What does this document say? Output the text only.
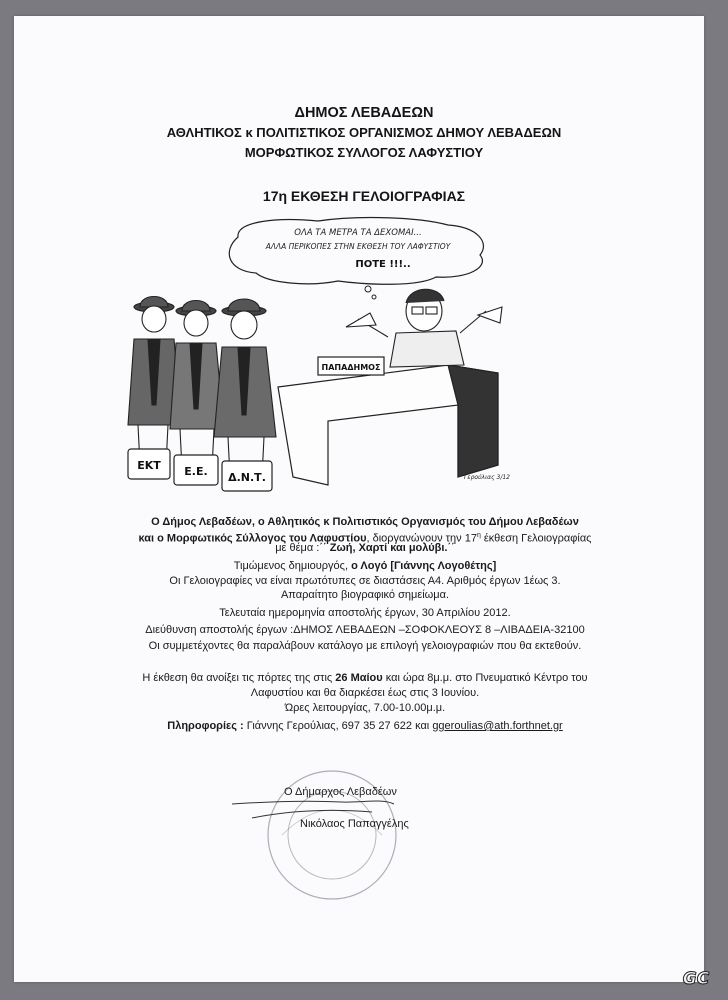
ΔΗΜΟΣ ΛΕΒΑΔΕΩΝ
ΑΘΛΗΤΙΚΟΣ κ ΠΟΛΙΤΙΣΤΙΚΟΣ ΟΡΓΑΝΙΣΜΟΣ ΔΗΜΟΥ ΛΕΒΑΔΕΩΝ
ΜΟΡΦΩΤΙΚΟΣ ΣΥΛΛΟΓΟΣ ΛΑΦΥΣΤΙΟΥ
17η ΕΚΘΕΣΗ ΓΕΛΟΙΟΓΡΑΦΙΑΣ
ΟΛΑ ΤΑ ΜΕΤΡΑ ΤΑ ΔΕΧΟΜΑΙ...
ΑΛΛΑ ΠΕΡΙΚΟΠΕΣ ΣΤΗΝ ΕΚΘΕΣΗ ΤΟΥ ΛΑΦΥΣΤΙΟΥ
ΠΟΤΕ !!!..
ΕΚΤ Ε.Ε. Δ.Ν.Τ.
ΠΑΠΑΔΗΜΟΣ
Γερούλιας 3/12
Ο Δήμος Λεβαδέων, ο Αθλητικός κ Πολιτιστικός Οργανισμός του Δήμου Λεβαδέων
και ο Μορφωτικός Σύλλογος του Λαφυστίου, διοργανώνουν την $17^\eta$ έκθεση Γελοιογραφίας
με θέμα :΄΄ Ζωή, Χαρτί και μολύβι.΄΄
Τιμώμενος δημιουργός, ο Λογό [Γιάννης Λογοθέτης]
Οι Γελοιογραφίες να είναι πρωτότυπες σε διαστάσεις Α4. Αριθμός έργων 1έως 3.
Απαραίτητο βιογραφικό σημείωμα.
Τελευταία ημερομηνία αποστολής έργων, 30 Απριλίου 2012.
Διεύθυνση αποστολής έργων :ΔΗΜΟΣ ΛΕΒΑΔΕΩΝ –ΣΟΦΟΚΛΕΟΥΣ 8 –ΛΙΒΑΔΕΙΑ-32100
Οι συμμετέχοντες θα παραλάβουν κατάλογο με επιλογή γελοιογραφιών που θα εκτεθούν.
Η έκθεση θα ανοίξει τις πόρτες της στις 26 Μαίου και ώρα 8μ.μ. στο Πνευματικό Κέντρο του
Λαφυστίου και θα διαρκέσει έως στις 3 Ιουνίου.
Ώρες λειτουργίας, 7.00-10.00μ.μ.
Πληροφορίες : Γιάννης Γερούλιας, 697 35 27 622 και ggeroulias@ath.forthnet.gr
Ο Δήμαρχος Λεβαδέων
Νικόλαος Παπαγγέλης
GC
